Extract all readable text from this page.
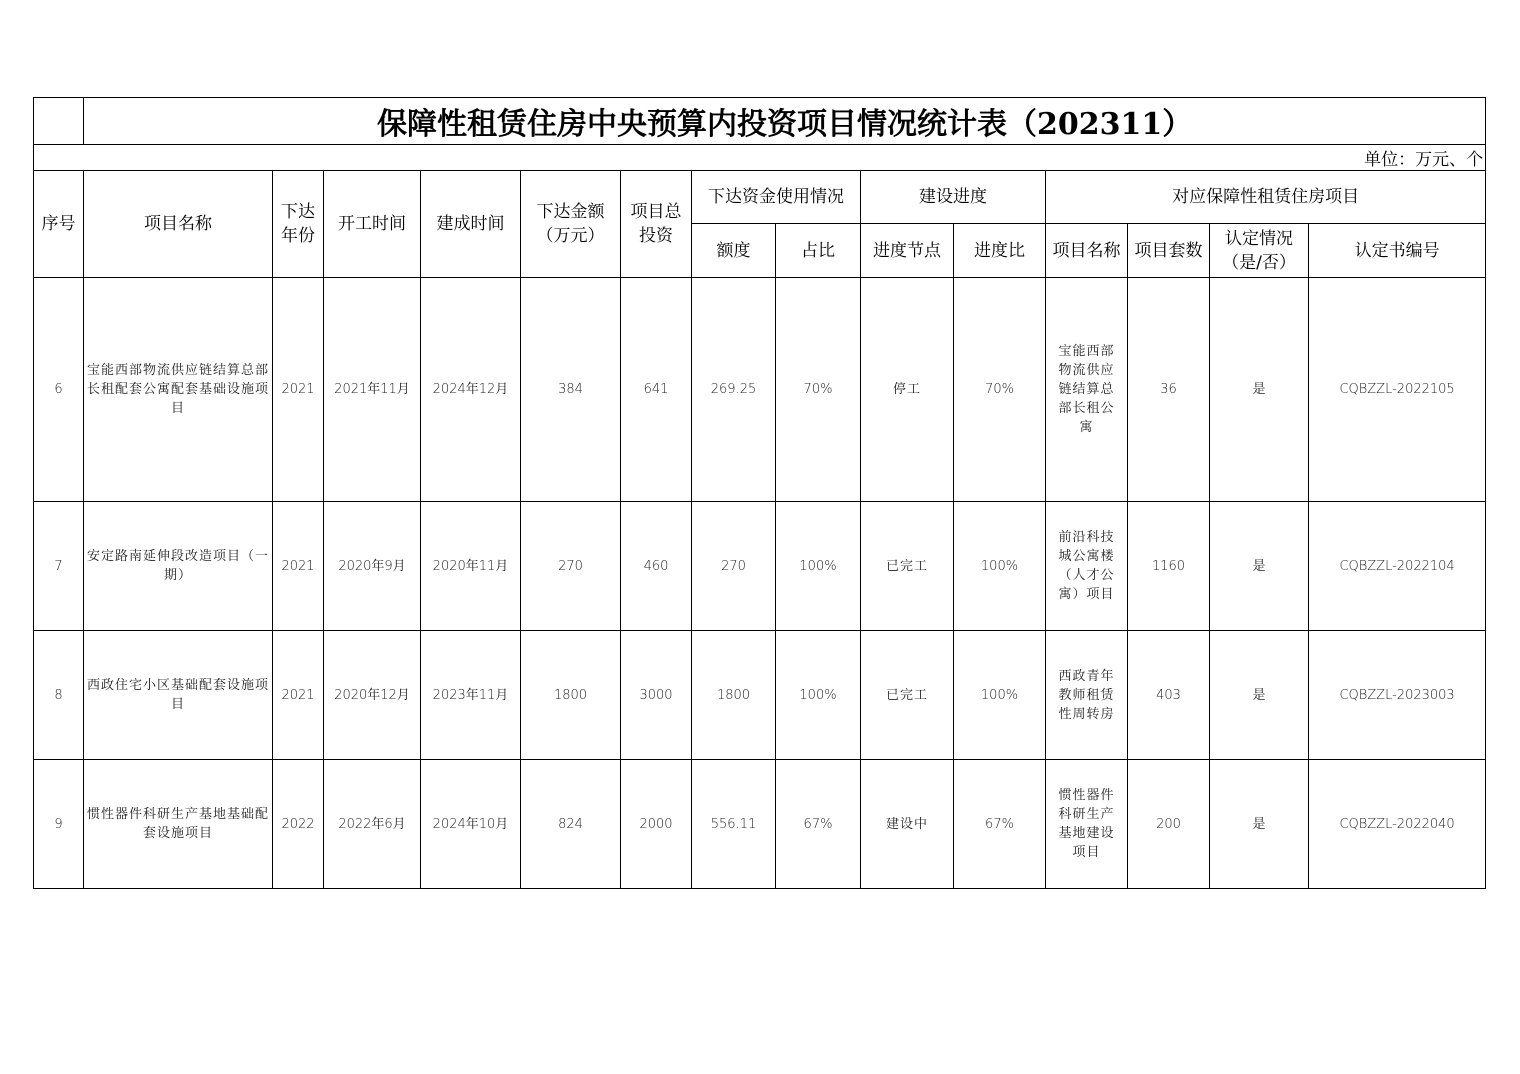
	保障性租赁住房中央预算内投资项目情况统计表（202311）													
													单位：万元、个	
序号	项目名称	下达年份	开工时间	建成时间	下达金额（万元）	项目总投资	下达资金使用情况		建设进度		对应保障性租赁住房项目			
							额度	占比	进度节点	进度比	项目名称	项目套数	认定情况（是/否）	认定书编号
6	宝能西部物流供应链结算总部长租配套公寓配套基础设施项目	2021	2021年11月	2024年12月	384	641	269.25	70%	停工	70%	宝能西部物流供应链结算总部长租公寓	36	是	CQBZZL-2022105
7	安定路南延伸段改造项目（一期）	2021	2020年9月	2020年11月	270	460	270	100%	已完工	100%	前沿科技城公寓楼（人才公寓）项目	1160	是	CQBZZL-2022104
8	西政住宅小区基础配套设施项目	2021	2020年12月	2023年11月	1800	3000	1800	100%	已完工	100%	西政青年教师租赁性周转房	403	是	CQBZZL-2023003
9	惯性器件科研生产基地基础配套设施项目	2022	2022年6月	2024年10月	824	2000	556.11	67%	建设中	67%	惯性器件科研生产基地建设项目	200	是	CQBZZL-2022040
